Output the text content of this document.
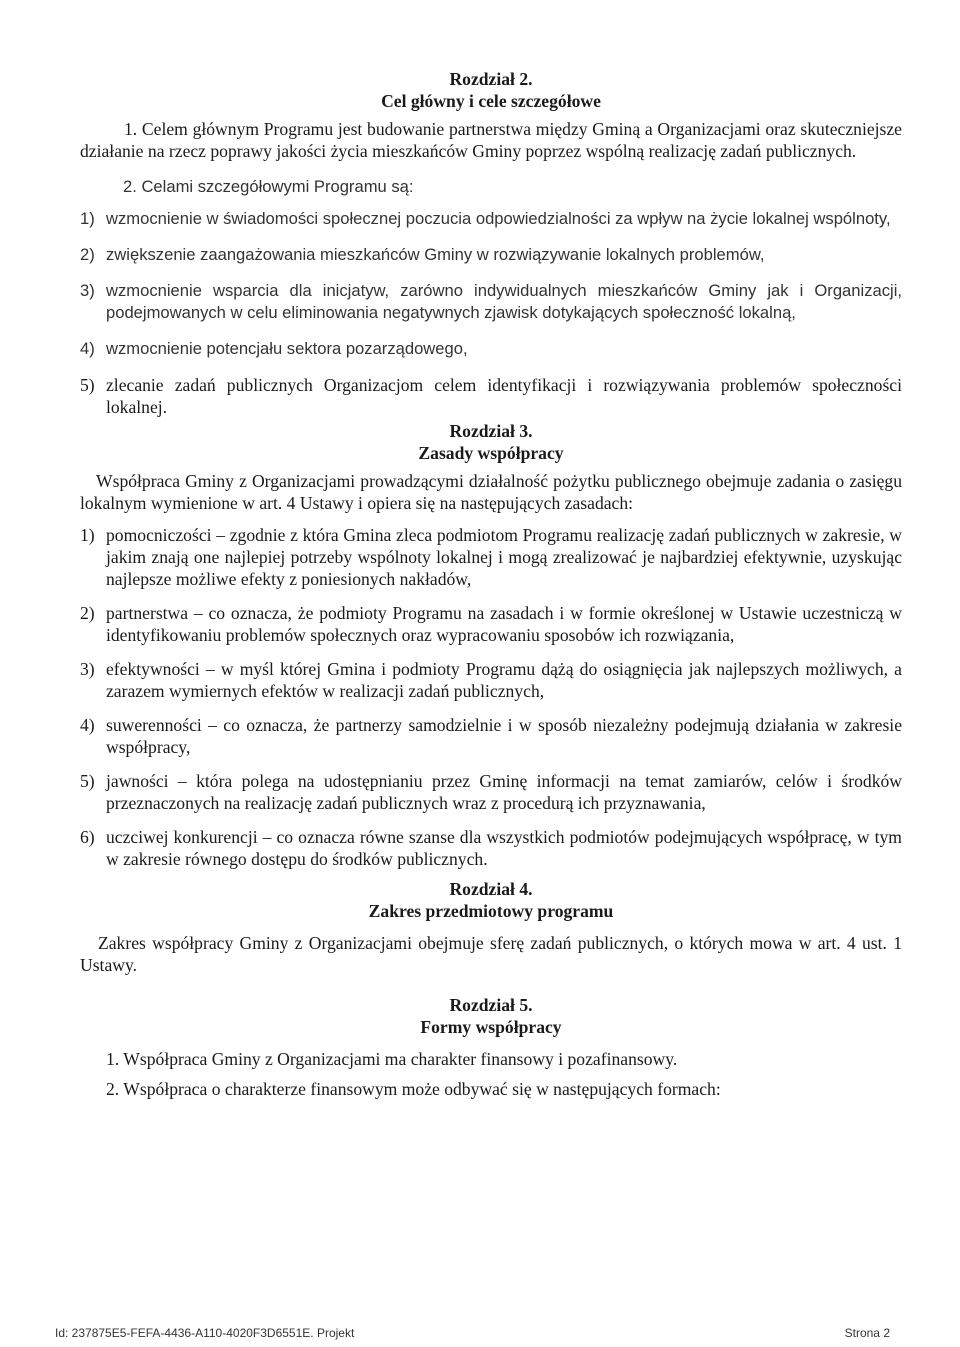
Rozdział 2.
Cel główny i cele szczegółowe

1. Celem głównym Programu jest budowanie partnerstwa między Gminą a Organizacjami oraz skuteczniejsze działanie na rzecz poprawy jakości życia mieszkańców Gminy poprzez wspólną realizację zadań publicznych.

2. Celami szczegółowymi Programu są:

1) wzmocnienie w świadomości społecznej poczucia odpowiedzialności za wpływ na życie lokalnej wspólnoty,
2) zwiększenie zaangażowania mieszkańców Gminy w rozwiązywanie lokalnych problemów,
3) wzmocnienie wsparcia dla inicjatyw, zarówno indywidualnych mieszkańców Gminy jak i Organizacji, podejmowanych w celu eliminowania negatywnych zjawisk dotykających społeczność lokalną,
4) wzmocnienie potencjału sektora pozarządowego,
5) zlecanie zadań publicznych Organizacjom celem identyfikacji i rozwiązywania problemów społeczności lokalnej.
Rozdział 3.
Zasady współpracy

Współpraca Gminy z Organizacjami prowadzącymi działalność pożytku publicznego obejmuje zadania o zasięgu lokalnym wymienione w art. 4 Ustawy i opiera się na następujących zasadach:

1) pomocniczości – zgodnie z która Gmina zleca podmiotom Programu realizację zadań publicznych w zakresie, w jakim znają one najlepiej potrzeby wspólnoty lokalnej i mogą zrealizować je najbardziej efektywnie, uzyskując najlepsze możliwe efekty z poniesionych nakładów,
2) partnerstwa – co oznacza, że podmioty Programu na zasadach i w formie określonej w Ustawie uczestniczą w identyfikowaniu problemów społecznych oraz wypracowaniu sposobów ich rozwiązania,
3) efektywności – w myśl której Gmina i podmioty Programu dążą do osiągnięcia jak najlepszych możliwych, a zarazem wymiernych efektów w realizacji zadań publicznych,
4) suwerenności – co oznacza, że partnerzy samodzielnie i w sposób niezależny podejmują działania w zakresie współpracy,
5) jawności – która polega na udostępnianiu przez Gminę informacji na temat zamiarów, celów i środków przeznaczonych na realizację zadań publicznych wraz z procedurą ich przyznawania,
6) uczciwej konkurencji – co oznacza równe szanse dla wszystkich podmiotów podejmujących współpracę, w tym w zakresie równego dostępu do środków publicznych.
Rozdział 4.
Zakres przedmiotowy programu

Zakres współpracy Gminy z Organizacjami obejmuje sferę zadań publicznych, o których mowa w art. 4 ust. 1 Ustawy.

Rozdział 5.
Formy współpracy

1. Współpraca Gminy z Organizacjami ma charakter finansowy i pozafinansowy.

2. Współpraca o charakterze finansowym może odbywać się w następujących formach:

Id: 237875E5-FEFA-4436-A110-4020F3D6551E. Projekt	Strona 2
